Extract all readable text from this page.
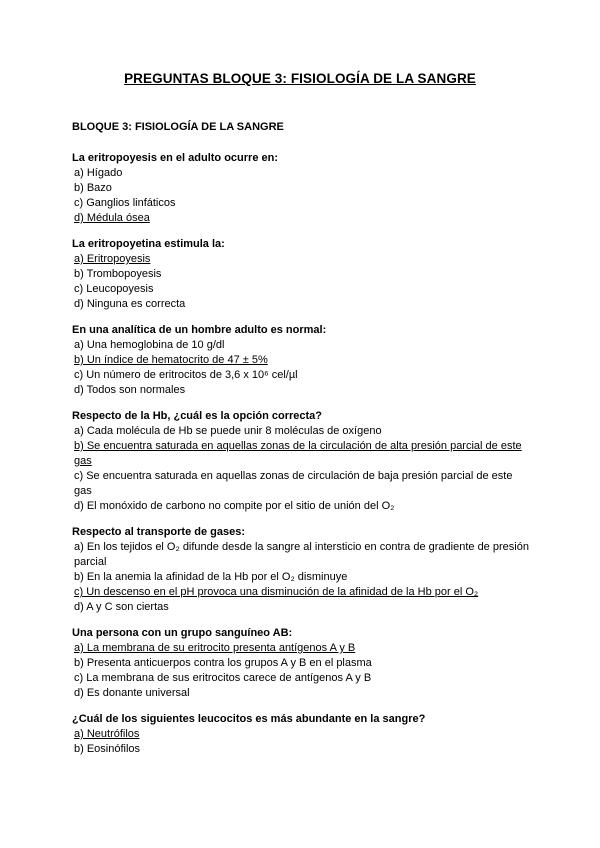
PREGUNTAS BLOQUE 3: FISIOLOGÍA DE LA SANGRE
BLOQUE 3: FISIOLOGÍA DE LA SANGRE
La eritropoyesis en el adulto ocurre en:
a) Hígado
b) Bazo
c) Ganglios linfáticos
d) Médula ósea
La eritropoyetina estimula la:
a) Eritropoyesis
b) Trombopoyesis
c) Leucopoyesis
d) Ninguna es correcta
En una analítica de un hombre adulto es normal:
a) Una hemoglobina de 10 g/dl
b) Un índice de hematocrito de 47 ± 5%
c) Un número de eritrocitos de 3,6 x 10⁶ cel/µl
d) Todos son normales
Respecto de la Hb, ¿cuál es la opción correcta?
a) Cada molécula de Hb se puede unir 8 moléculas de oxígeno
b) Se encuentra saturada en aquellas zonas de la circulación de alta presión parcial de este gas
c) Se encuentra saturada en aquellas zonas de circulación de baja presión parcial de este gas
d) El monóxido de carbono no compite por el sitio de unión del O₂
Respecto al transporte de gases:
a) En los tejidos el O₂ difunde desde la sangre al intersticio en contra de gradiente de presión parcial
b) En la anemia la afinidad de la Hb por el O₂ disminuye
c) Un descenso en el pH provoca una disminución de la afinidad de la Hb por el O₂
d) A y C son ciertas
Una persona con un grupo sanguíneo AB:
a) La membrana de su eritrocito presenta antígenos A y B
b) Presenta anticuerpos contra los grupos A y B en el plasma
c) La membrana de sus eritrocitos carece de antígenos A y B
d) Es donante universal
¿Cuál de los siguientes leucocitos es más abundante en la sangre?
a) Neutrófilos
b) Eosinófilos
